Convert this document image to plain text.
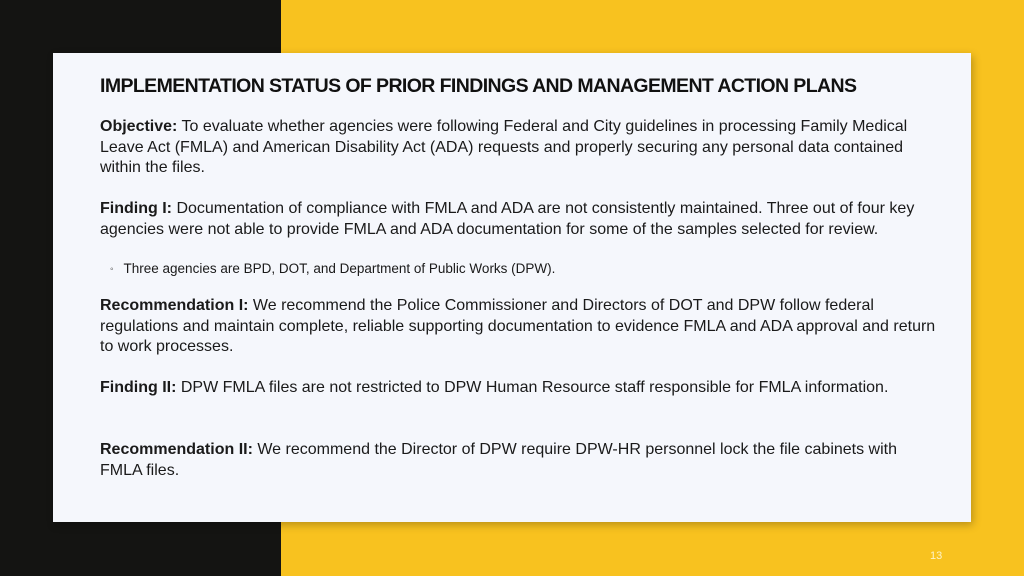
IMPLEMENTATION STATUS OF PRIOR FINDINGS AND MANAGEMENT ACTION PLANS
Objective: To evaluate whether agencies were following Federal and City guidelines in processing Family Medical Leave Act (FMLA) and American Disability Act (ADA) requests and properly securing any personal data contained within the files.
Finding I: Documentation of compliance with FMLA and ADA are not consistently maintained. Three out of four key agencies were not able to provide FMLA and ADA documentation for some of the samples selected for review.
◦ Three agencies are BPD, DOT, and Department of Public Works (DPW).
Recommendation I: We recommend the Police Commissioner and Directors of DOT and DPW follow federal regulations and maintain complete, reliable supporting documentation to evidence FMLA and ADA approval and return to work processes.
Finding II: DPW FMLA files are not restricted to DPW Human Resource staff responsible for FMLA information.
Recommendation II: We recommend the Director of DPW require DPW-HR personnel lock the file cabinets with FMLA files.
13
